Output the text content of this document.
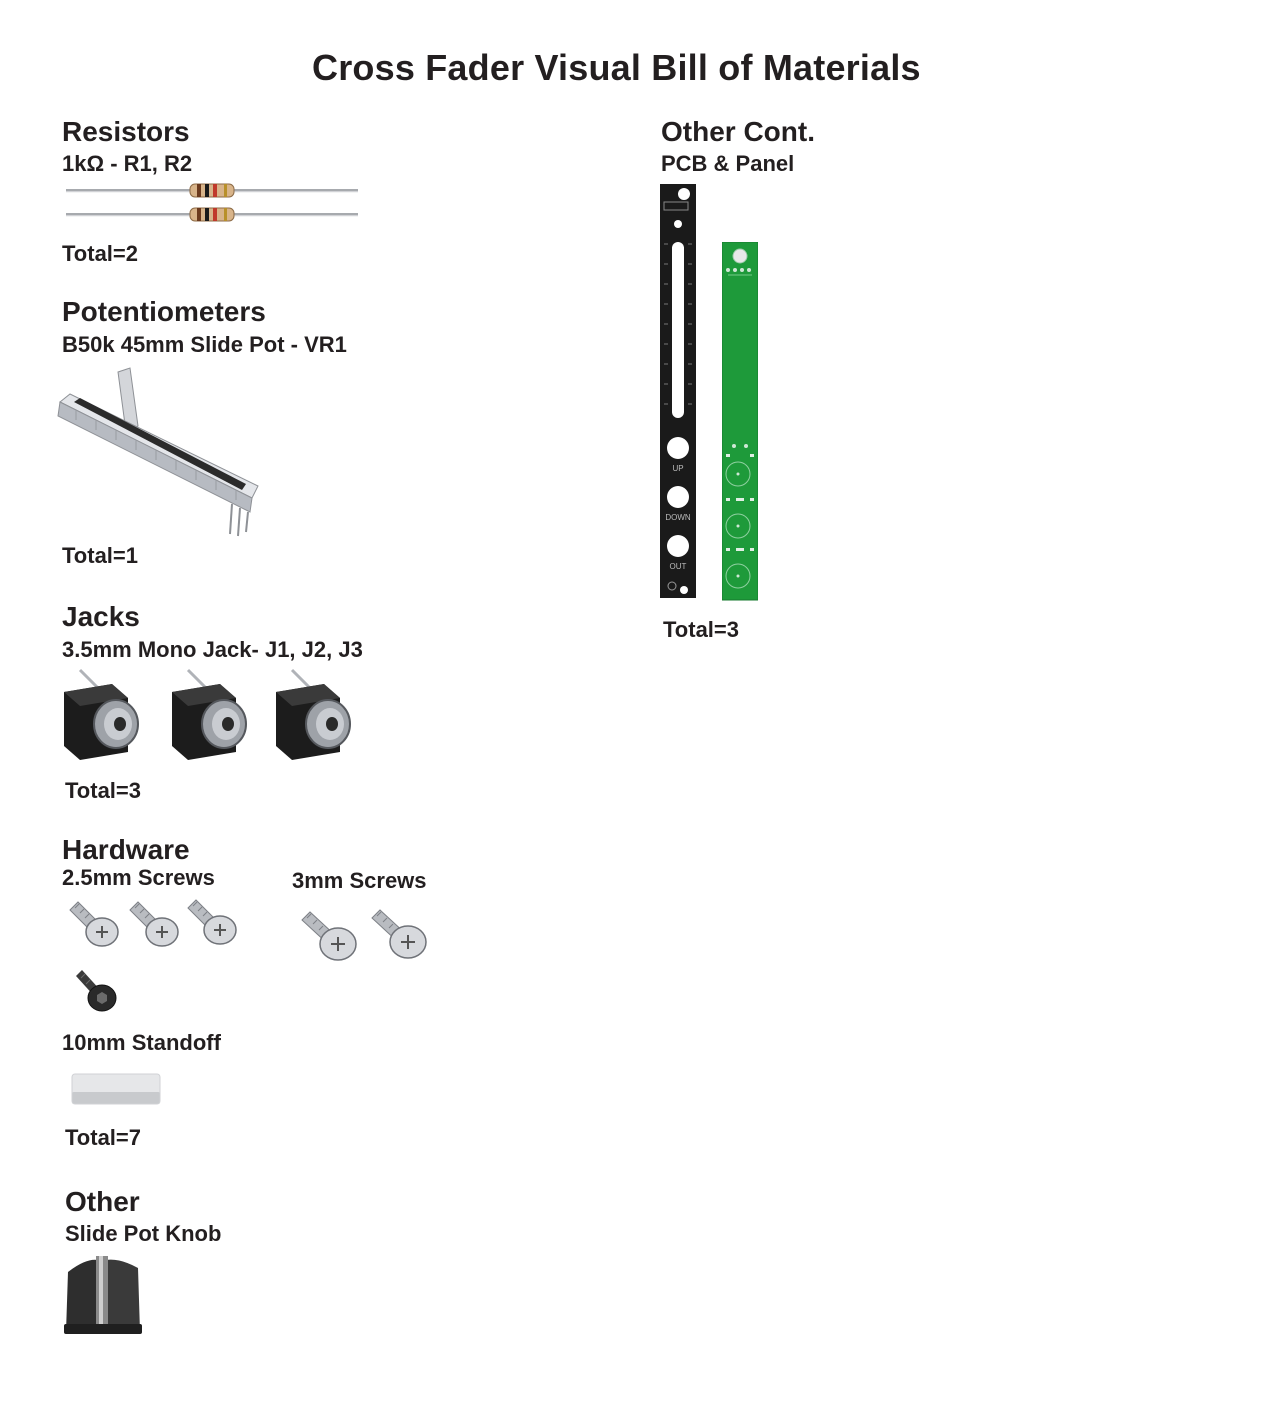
Cross Fader Visual Bill of Materials
Resistors
1kΩ - R1, R2
Total=2
Potentiometers
B50k 45mm Slide Pot - VR1
Total=1
Jacks
3.5mm Mono Jack- J1, J2, J3
Total=3
Hardware
2.5mm Screws	3mm Screws
10mm Standoff
Total=7
Other
Slide Pot Knob
Other Cont.
PCB & Panel
UP
DOWN
OUT
Total=3
